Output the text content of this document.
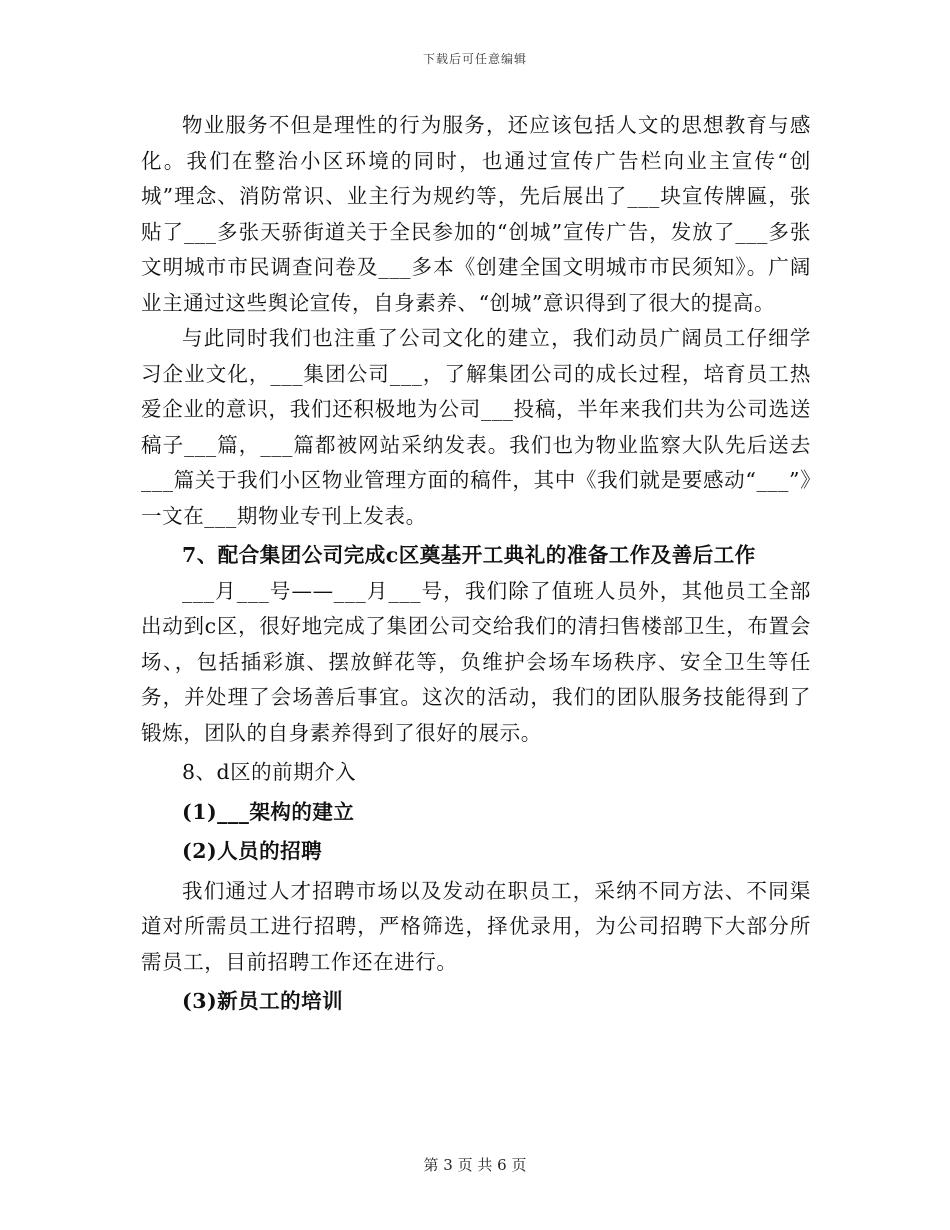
下载后可任意编辑

物业服务不但是理性的行为服务，还应该包括人文的思想教育与感化。我们在整治小区环境的同时，也通过宣传广告栏向业主宣传“创城”理念、消防常识、业主行为规约等，先后展出了___块宣传牌匾，张贴了___多张天骄街道关于全民参加的“创城”宣传广告，发放了___多张文明城市市民调查问卷及___多本《创建全国文明城市市民须知》。广阔业主通过这些舆论宣传，自身素养、“创城”意识得到了很大的提高。

与此同时我们也注重了公司文化的建立，我们动员广阔员工仔细学习企业文化，___集团公司___，了解集团公司的成长过程，培育员工热爱企业的意识，我们还积极地为公司___投稿，半年来我们共为公司选送稿子___篇，___篇都被网站采纳发表。我们也为物业监察大队先后送去___篇关于我们小区物业管理方面的稿件，其中《我们就是要感动“___”》一文在___期物业专刊上发表。

7、配合集团公司完成c区奠基开工典礼的准备工作及善后工作

___月___号——___月___号，我们除了值班人员外，其他员工全部出动到c区，很好地完成了集团公司交给我们的清扫售楼部卫生，布置会场、，包括插彩旗、摆放鲜花等，负维护会场车场秩序、安全卫生等任务，并处理了会场善后事宜。这次的活动，我们的团队服务技能得到了锻炼，团队的自身素养得到了很好的展示。

8、d区的前期介入

(1)___架构的建立

(2)人员的招聘

我们通过人才招聘市场以及发动在职员工，采纳不同方法、不同渠道对所需员工进行招聘，严格筛选，择优录用，为公司招聘下大部分所需员工，目前招聘工作还在进行。

(3)新员工的培训

第 3 页 共 6 页
